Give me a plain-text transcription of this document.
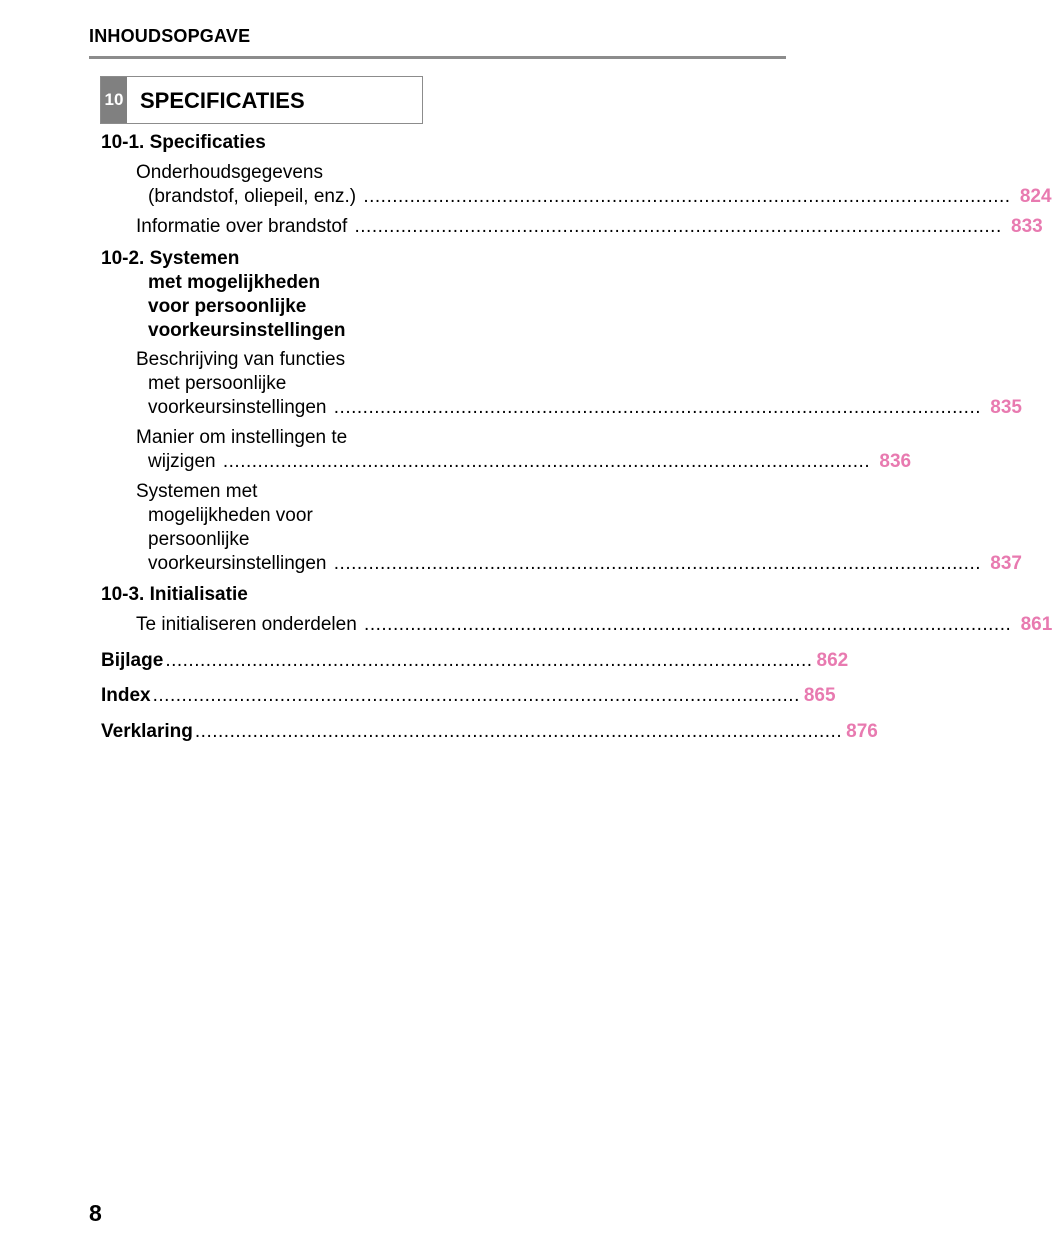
INHOUDSOPGAVE
10 SPECIFICATIES
10-1. Specificaties
Onderhoudsgegevens
(brandstof, oliepeil, enz.) .....	824
Informatie over brandstof .....	833
10-2. Systemen
met mogelijkheden
voor persoonlijke
voorkeursinstellingen
Beschrijving van functies
met persoonlijke
voorkeursinstellingen .....	835
Manier om instellingen te
wijzigen .....	836
Systemen met
mogelijkheden voor
persoonlijke
voorkeursinstellingen .....	837
10-3. Initialisatie
Te initialiseren onderdelen .....	861
Bijlage .....	862
Index .....	865
Verklaring .....	876
8
